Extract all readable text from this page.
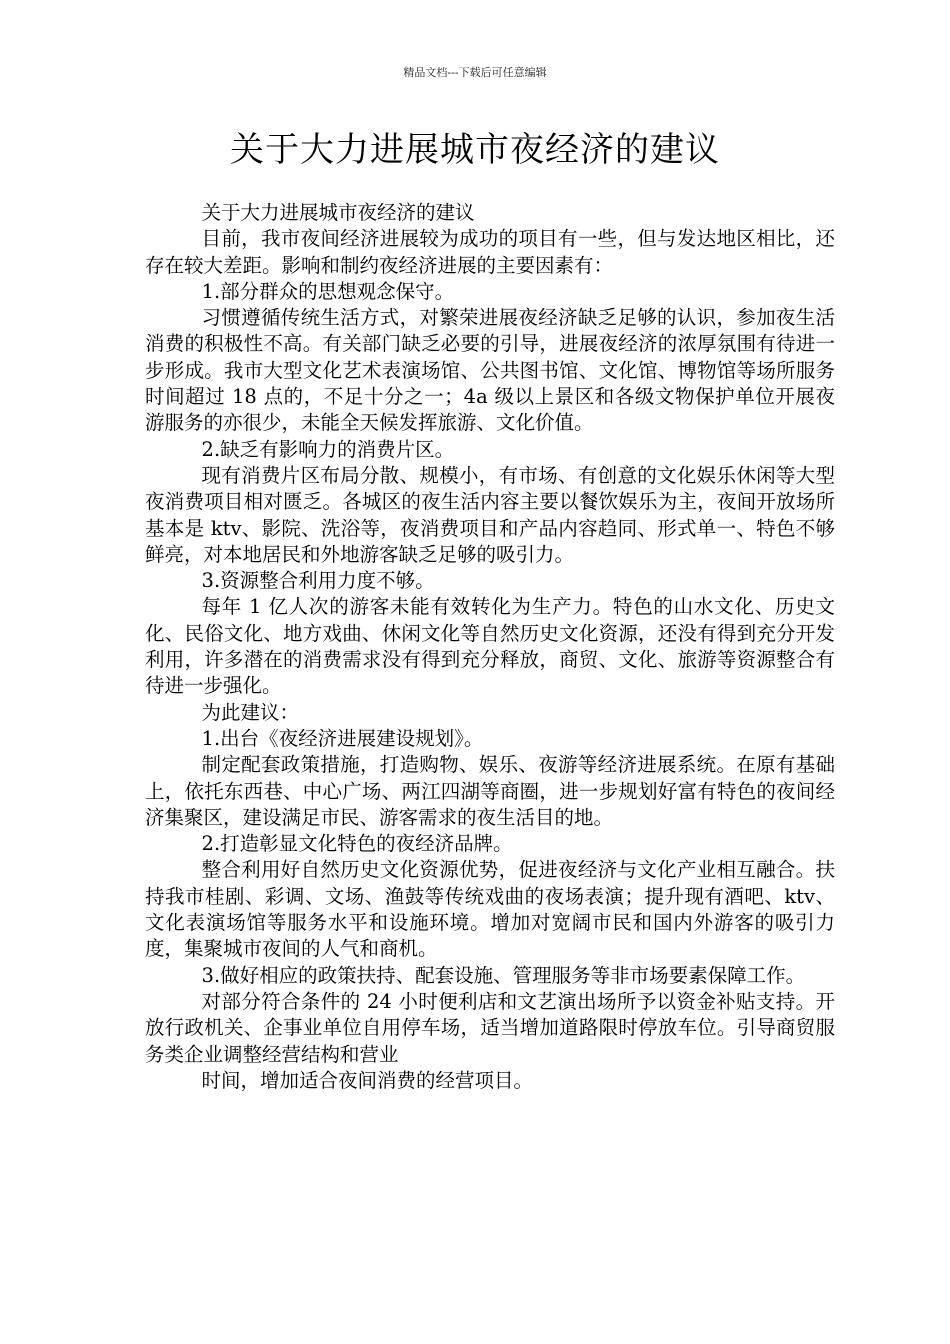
精品文档---下载后可任意编辑
关于大力进展城市夜经济的建议

关于大力进展城市夜经济的建议

目前，我市夜间经济进展较为成功的项目有一些，但与发达地区相比，还存在较大差距。影响和制约夜经济进展的主要因素有：

1.部分群众的思想观念保守。

习惯遵循传统生活方式，对繁荣进展夜经济缺乏足够的认识，参加夜生活消费的积极性不高。有关部门缺乏必要的引导，进展夜经济的浓厚氛围有待进一步形成。我市大型文化艺术表演场馆、公共图书馆、文化馆、博物馆等场所服务时间超过 18 点的，不足十分之一；4a 级以上景区和各级文物保护单位开展夜游服务的亦很少，未能全天候发挥旅游、文化价值。

2.缺乏有影响力的消费片区。

现有消费片区布局分散、规模小，有市场、有创意的文化娱乐休闲等大型夜消费项目相对匮乏。各城区的夜生活内容主要以餐饮娱乐为主，夜间开放场所基本是 ktv、影院、洗浴等，夜消费项目和产品内容趋同、形式单一、特色不够鲜亮，对本地居民和外地游客缺乏足够的吸引力。

3.资源整合利用力度不够。

每年 1 亿人次的游客未能有效转化为生产力。特色的山水文化、历史文化、民俗文化、地方戏曲、休闲文化等自然历史文化资源，还没有得到充分开发利用，许多潜在的消费需求没有得到充分释放，商贸、文化、旅游等资源整合有待进一步强化。

为此建议：

1.出台《夜经济进展建设规划》。

制定配套政策措施，打造购物、娱乐、夜游等经济进展系统。在原有基础上，依托东西巷、中心广场、两江四湖等商圈，进一步规划好富有特色的夜间经济集聚区，建设满足市民、游客需求的夜生活目的地。

2.打造彰显文化特色的夜经济品牌。

整合利用好自然历史文化资源优势，促进夜经济与文化产业相互融合。扶持我市桂剧、彩调、文场、渔鼓等传统戏曲的夜场表演；提升现有酒吧、ktv、文化表演场馆等服务水平和设施环境。增加对宽阔市民和国内外游客的吸引力度，集聚城市夜间的人气和商机。

3.做好相应的政策扶持、配套设施、管理服务等非市场要素保障工作。

对部分符合条件的 24 小时便利店和文艺演出场所予以资金补贴支持。开放行政机关、企事业单位自用停车场，适当增加道路限时停放车位。引导商贸服务类企业调整经营结构和营业

时间，增加适合夜间消费的经营项目。
